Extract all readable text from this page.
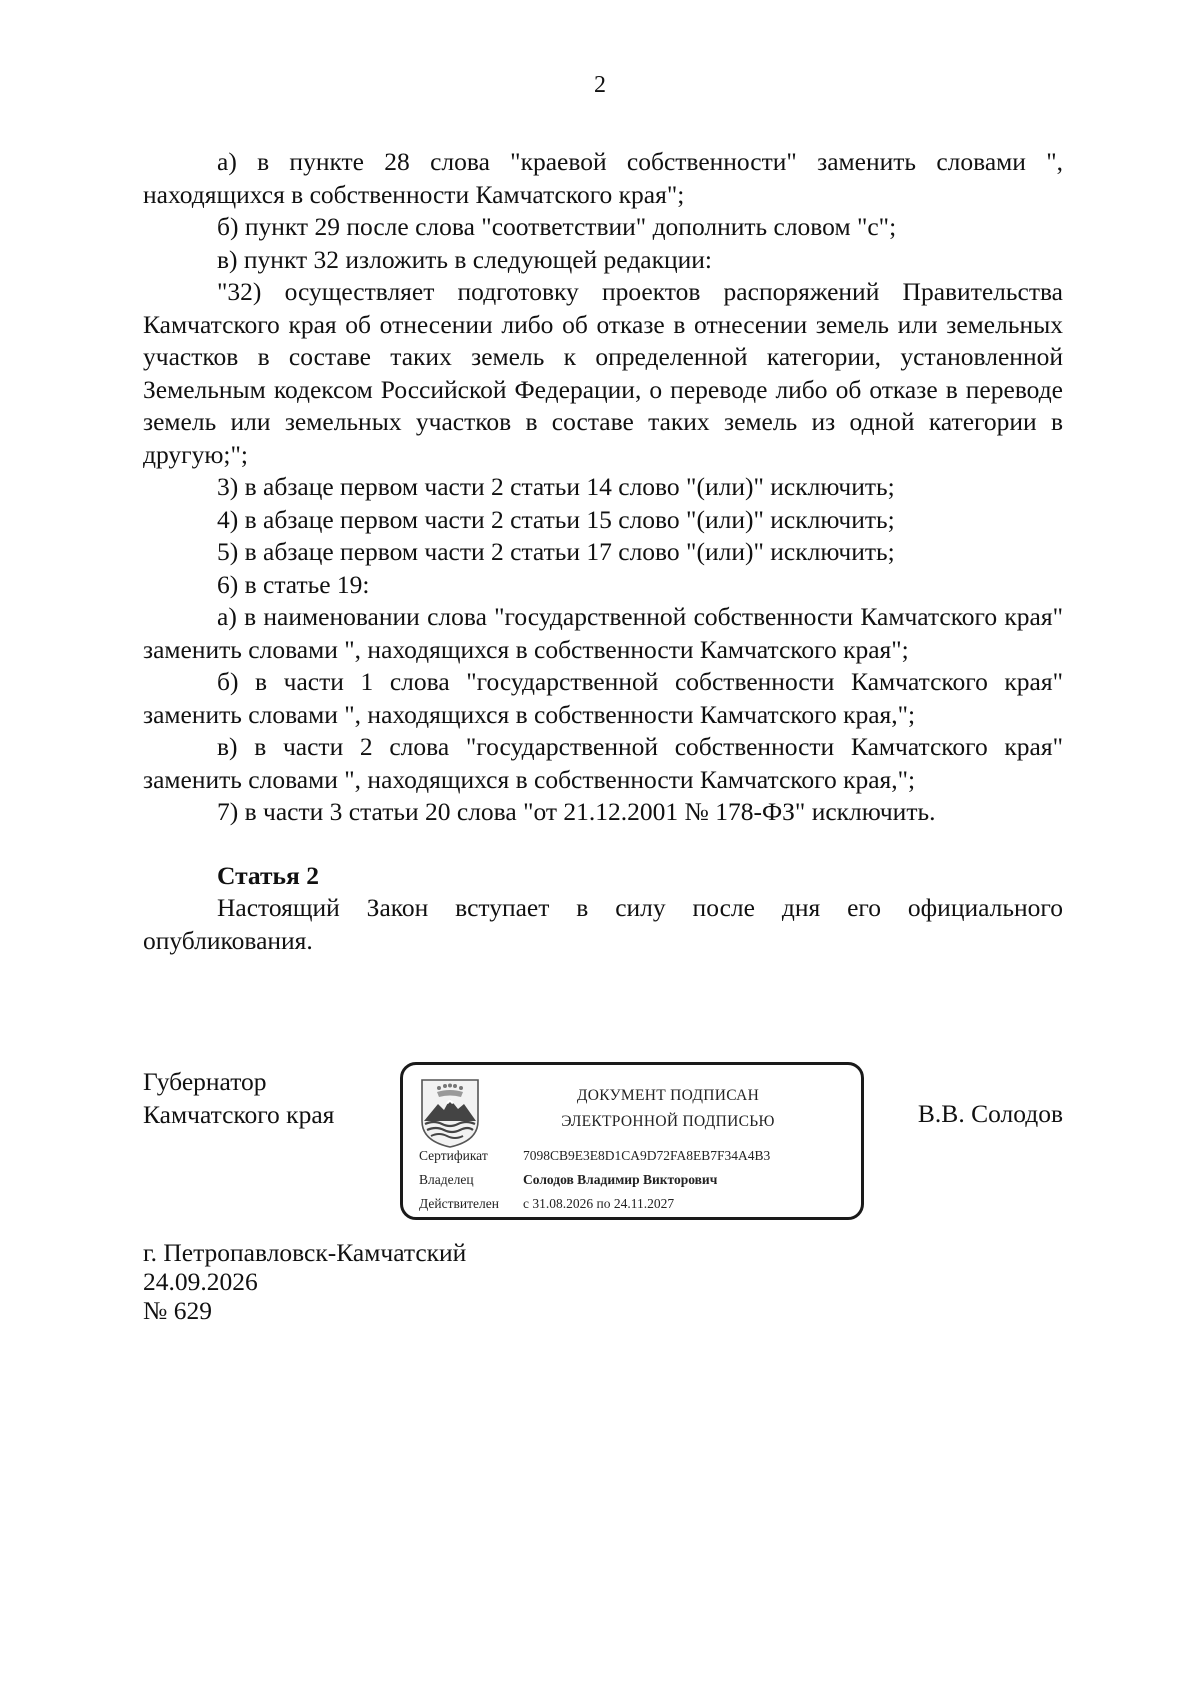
2

а) в пункте 28 слова "краевой собственности" заменить словами ", находящихся в собственности Камчатского края";

б) пункт 29 после слова "соответствии" дополнить словом "с";

в) пункт 32 изложить в следующей редакции:

"32) осуществляет подготовку проектов распоряжений Правительства Камчатского края об отнесении либо об отказе в отнесении земель или земельных участков в составе таких земель к определенной категории, установленной Земельным кодексом Российской Федерации, о переводе либо об отказе в переводе земель или земельных участков в составе таких земель из одной категории в другую;";

3) в абзаце первом части 2 статьи 14 слово "(или)" исключить;

4) в абзаце первом части 2 статьи 15 слово "(или)" исключить;

5) в абзаце первом части 2 статьи 17 слово "(или)" исключить;

6) в статье 19:

а) в наименовании слова "государственной собственности Камчатского края" заменить словами ", находящихся в собственности Камчатского края";

б) в части 1 слова "государственной собственности Камчатского края" заменить словами ", находящихся в собственности Камчатского края,";

в) в части 2 слова "государственной собственности Камчатского края" заменить словами ", находящихся в собственности Камчатского края,";

7) в части 3 статьи 20 слова "от 21.12.2001 № 178-ФЗ" исключить.

Статья 2

Настоящий Закон вступает в силу после дня его официального опубликования.

Губернатор
Камчатского края
ДОКУМЕНТ ПОДПИСАН
ЭЛЕКТРОННОЙ ПОДПИСЬЮ
Сертификат	7098CB9E3E8D1CA9D72FA8EB7F34A4B3
Владелец	Солодов Владимир Викторович
Действителен с 31.08.2026 по 24.11.2027
В.В. Солодов
г. Петропавловск-Камчатский
24.09.2026
№ 629
